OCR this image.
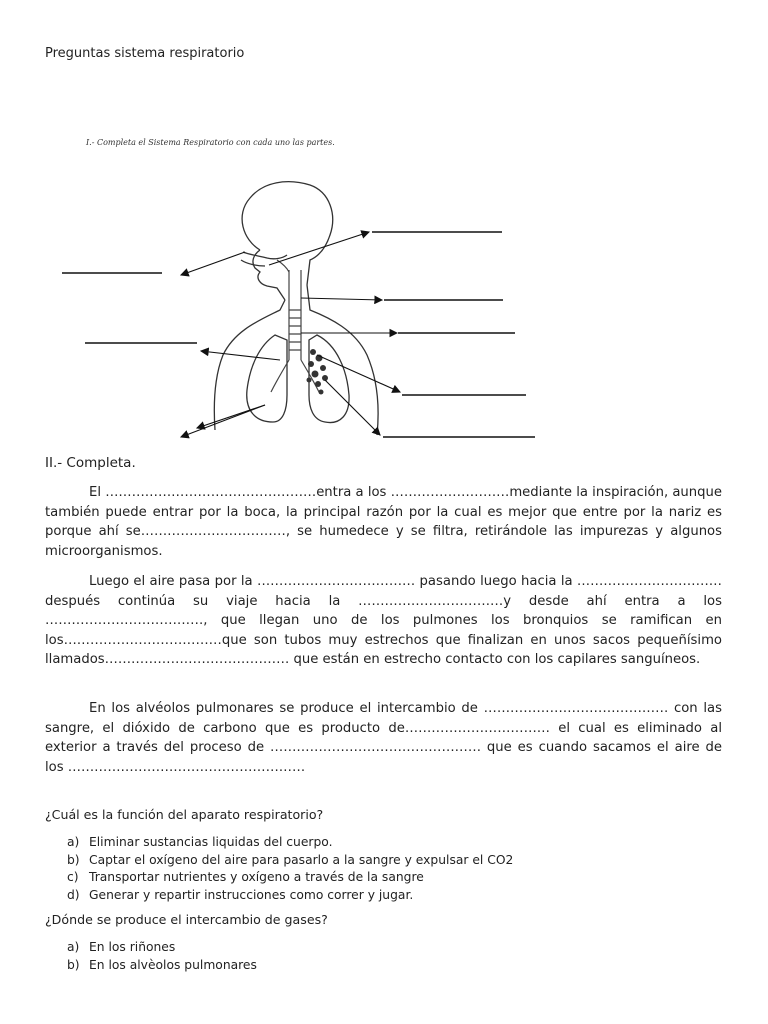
Preguntas sistema respiratorio
I.- Completa el Sistema Respiratorio con cada uno las partes.
II.- Completa.

El …………………………………………entra a los ………………………mediante la inspiración, aunque también puede entrar por la boca, la principal razón por la cual es mejor que entre por la nariz es porque ahí se……………………………, se humedece y se filtra, retirándole las impurezas y algunos microorganismos.

Luego el aire pasa por la ……………………………… pasando luego hacia la …………………………… después continúa su viaje hacia la ……………………………y desde ahí entra a los ………………………………, que llegan uno de los pulmones los bronquios se ramifican en los………………………………que son tubos muy estrechos que finalizan en unos sacos pequeñísimo llamados…………………………………… que están en estrecho contacto con los capilares sanguíneos.

En los alvéolos pulmonares se produce el intercambio de …………………………………… con las sangre, el dióxido de carbono que es producto de…………………………… el cual es eliminado al exterior a través del proceso de ………………………………………… que es cuando sacamos el aire de los ………………………………………………

¿Cuál es la función del aparato respiratorio?
a) Eliminar sustancias liquidas del cuerpo.
b) Captar el oxígeno del aire para pasarlo a la sangre y expulsar el CO2
c) Transportar nutrientes y oxígeno a través de la sangre
d) Generar y repartir instrucciones como correr y jugar.
¿Dónde se produce el intercambio de gases?
a) En los riñones
b) En los alvèolos pulmonares
